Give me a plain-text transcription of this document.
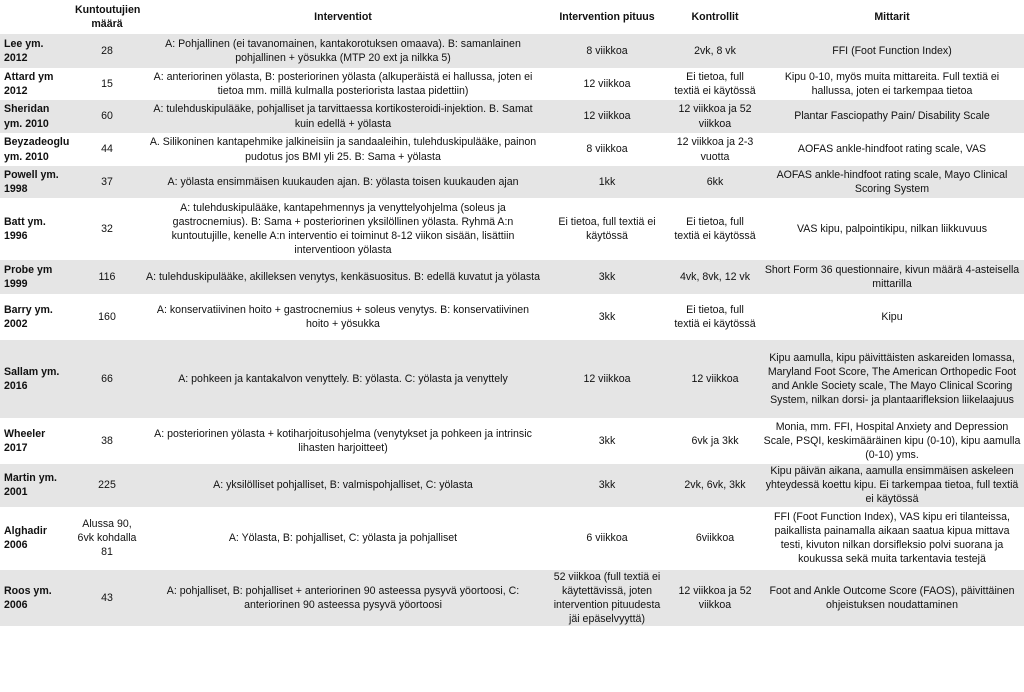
	Kuntoutujien määrä	Interventiot	Intervention pituus	Kontrollit	Mittarit
Lee ym. 2012	28	A: Pohjallinen (ei tavanomainen, kantakorotuksen omaava). B: samanlainen pohjallinen + yösukka (MTP 20 ext ja nilkka 5)	8 viikkoa	2vk, 8 vk	FFI (Foot Function Index)
Attard ym 2012	15	A: anteriorinen yölasta, B: posteriorinen yölasta (alkuperäistä ei hallussa, joten ei tietoa mm. millä kulmalla posteriorista lastaa pidettiin)	12 viikkoa	Ei tietoa, full textiä ei käytössä	Kipu 0-10, myös muita mittareita. Full textiä ei hallussa, joten ei tarkempaa tietoa
Sheridan ym. 2010	60	A: tulehduskipulääke, pohjalliset ja tarvittaessa kortikosteroidi-injektion. B. Samat kuin edellä + yölasta	12 viikkoa	12 viikkoa ja 52 viikkoa	Plantar Fasciopathy Pain/ Disability Scale
Beyzadeoglu ym. 2010	44	A. Silikoninen kantapehmike jalkineisiin ja sandaaleihin, tulehduskipulääke, painon pudotus jos BMI yli 25. B: Sama + yölasta	8 viikkoa	12 viikkoa ja 2-3 vuotta	AOFAS ankle-hindfoot rating scale, VAS
Powell ym. 1998	37	A: yölasta ensimmäisen kuukauden ajan. B: yölasta toisen kuukauden ajan	1kk	6kk	AOFAS ankle-hindfoot rating scale, Mayo Clinical Scoring System
Batt ym. 1996	32	A: tulehduskipulääke, kantapehmennys ja venyttelyohjelma (soleus ja gastrocnemius). B: Sama + posteriorinen yksilöllinen yölasta. Ryhmä A:n kuntoutujille, kenelle A:n interventio ei toiminut 8-12 viikon sisään, lisättiin interventioon yölasta	Ei tietoa, full textiä ei käytössä	Ei tietoa, full textiä ei käytössä	VAS kipu, palpointikipu, nilkan liikkuvuus
Probe ym 1999	116	A: tulehduskipulääke, akilleksen venytys, kenkäsuositus. B: edellä kuvatut ja yölasta	3kk	4vk, 8vk, 12 vk	Short Form 36 questionnaire, kivun määrä 4-asteisella mittarilla
Barry ym. 2002	160	A: konservatiivinen hoito + gastrocnemius + soleus venytys. B: konservatiivinen hoito + yösukka	3kk	Ei tietoa, full textiä ei käytössä	Kipu
Sallam ym. 2016	66	A: pohkeen ja kantakalvon venyttely. B: yölasta. C: yölasta ja venyttely	12 viikkoa	12 viikkoa	Kipu aamulla, kipu päivittäisten askareiden lomassa, Maryland Foot Score, The American Orthopedic Foot and Ankle Society scale, The Mayo Clinical Scoring System, nilkan dorsi- ja plantaarifleksion liikelaajuus
Wheeler 2017	38	A: posteriorinen yölasta + kotiharjoitusohjelma (venytykset ja pohkeen ja intrinsic lihasten harjoitteet)	3kk	6vk ja 3kk	Monia, mm. FFI, Hospital Anxiety and Depression Scale, PSQI, keskimääräinen kipu (0-10), kipu aamulla (0-10) yms.
Martin ym. 2001	225	A: yksilölliset pohjalliset, B: valmispohjalliset, C: yölasta	3kk	2vk, 6vk, 3kk	Kipu päivän aikana, aamulla ensimmäisen askeleen yhteydessä koettu kipu. Ei tarkempaa tietoa, full textiä ei käytössä
Alghadir 2006	Alussa 90, 6vk kohdalla 81	A: Yölasta, B: pohjalliset, C: yölasta ja pohjalliset	6 viikkoa	6viikkoa	FFI (Foot Function Index), VAS kipu eri tilanteissa, paikallista painamalla aikaan saatua kipua mittava testi, kivuton nilkan dorsifleksio polvi suorana ja koukussa sekä muita tarkentavia testejä
Roos ym. 2006	43	A: pohjalliset, B: pohjalliset + anteriorinen 90 asteessa pysyvä yöortoosi, C: anteriorinen 90 asteessa pysyvä yöortoosi	52 viikkoa (full textiä ei käytettävissä, joten intervention pituudesta jäi epäselvyyttä)	12 viikkoa ja 52 viikkoa	Foot and Ankle Outcome Score (FAOS), päivittäinen ohjeistuksen noudattaminen
